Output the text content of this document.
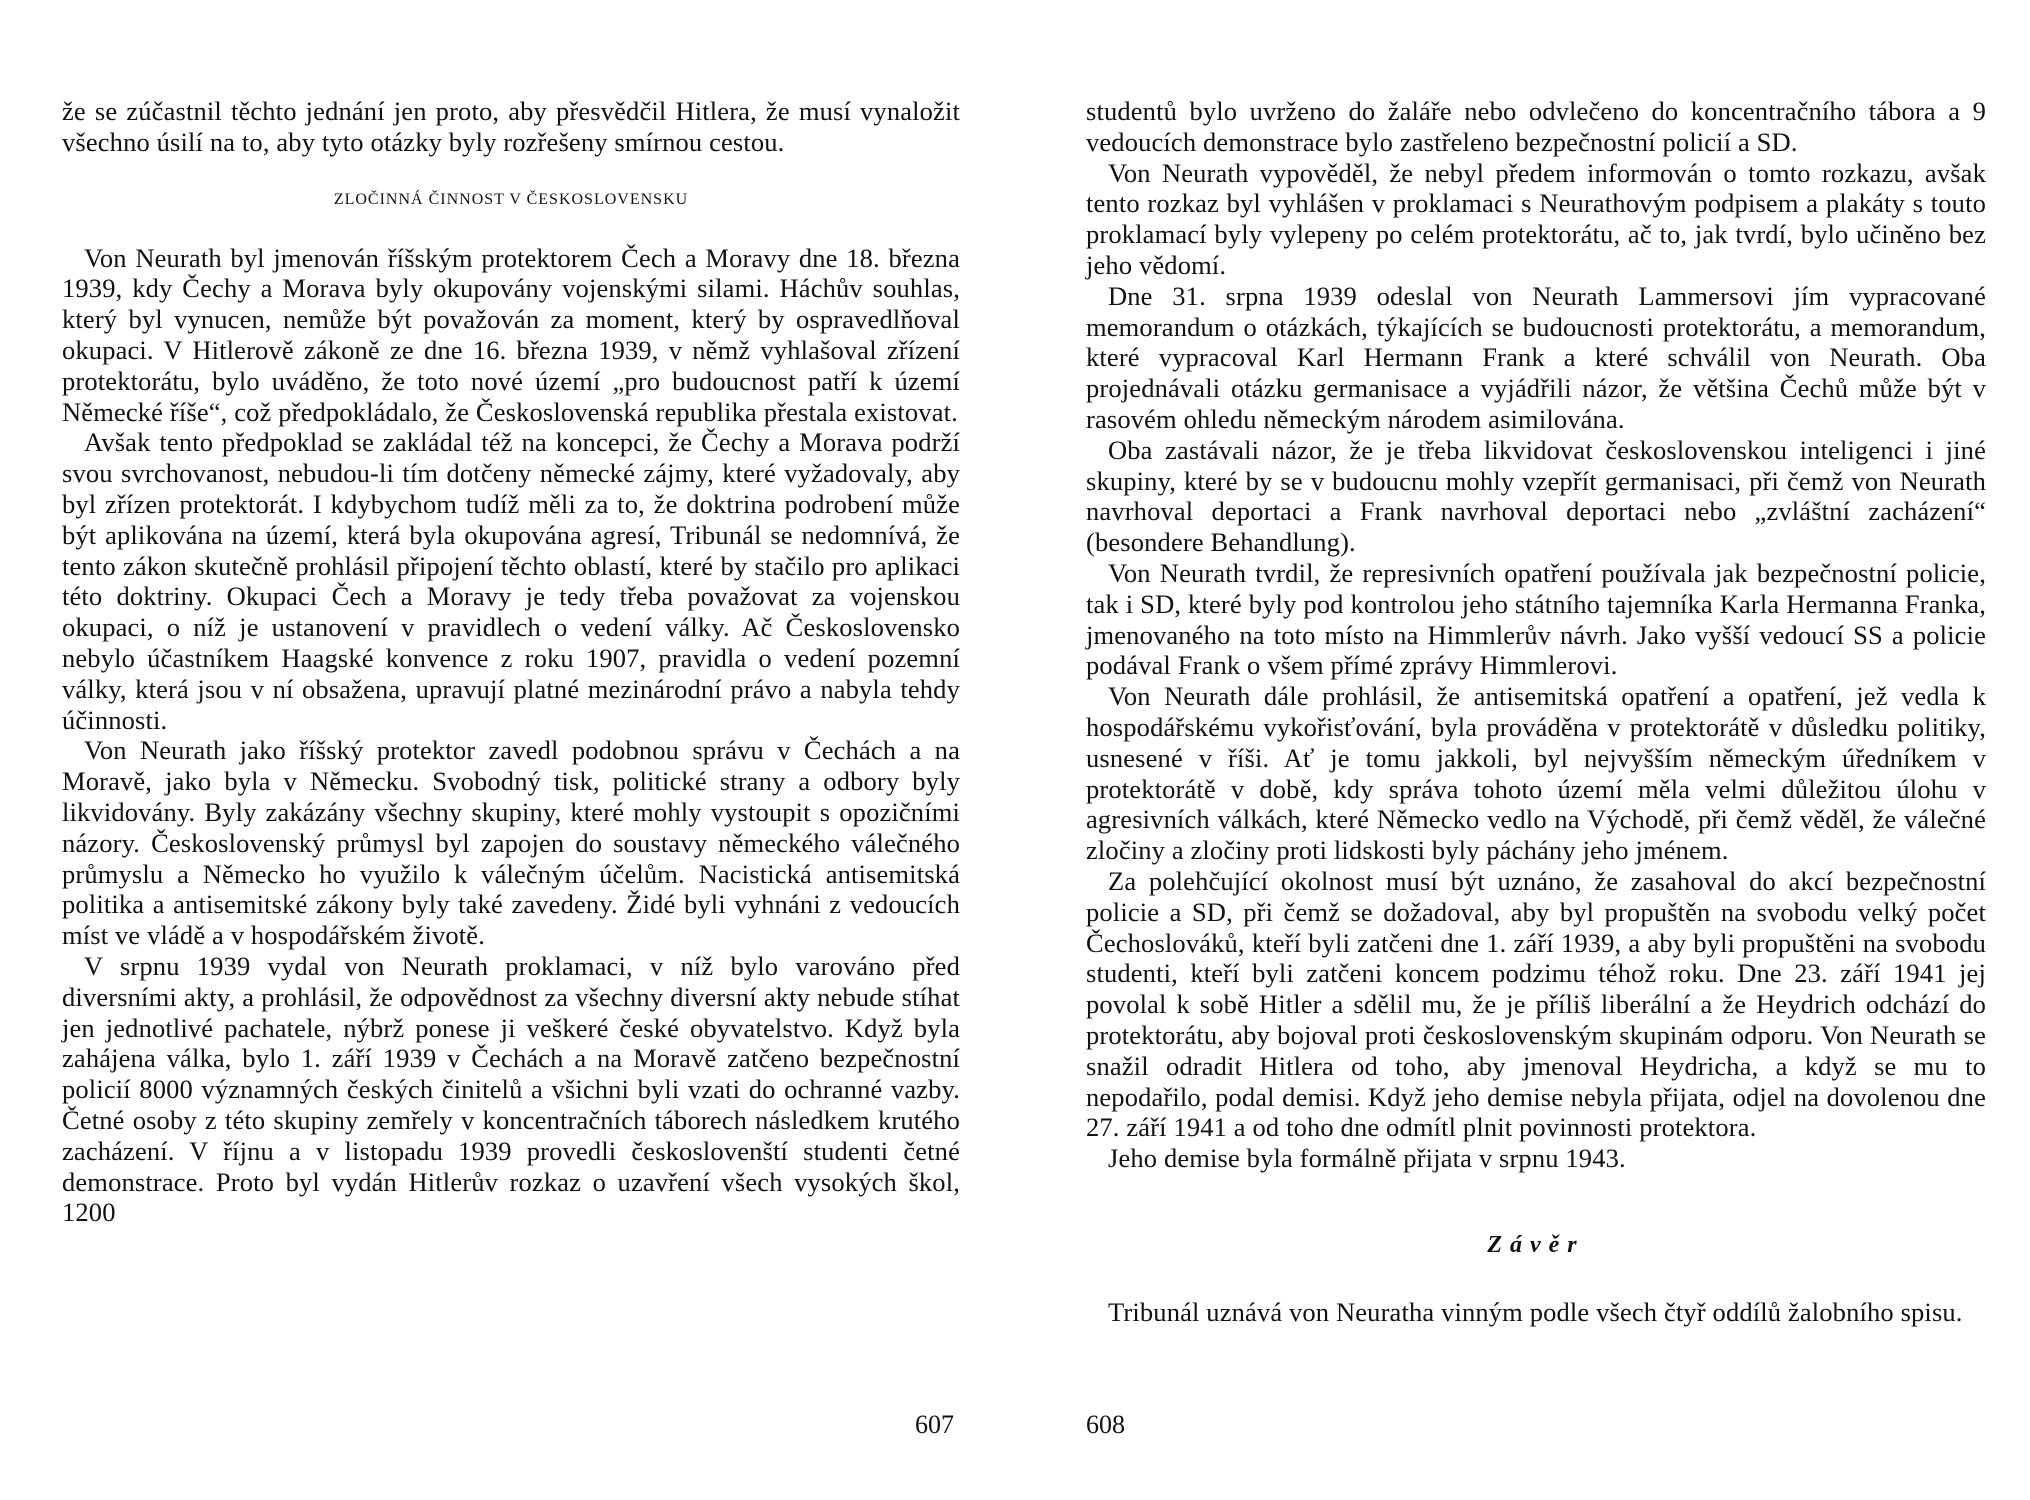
že se zúčastnil těchto jednání jen proto, aby přesvědčil Hitlera, že musí vynaložit všechno úsilí na to, aby tyto otázky byly rozřešeny smírnou cestou.

ZLOČINNÁ ČINNOST V ČESKOSLOVENSKU

Von Neurath byl jmenován říšským protektorem Čech a Moravy dne 18. března 1939, kdy Čechy a Morava byly okupovány vojenskými silami. Háchův souhlas, který byl vynucen, nemůže být považován za moment, který by ospravedlňoval okupaci. V Hitlerově zákoně ze dne 16. března 1939, v němž vyhlašoval zřízení protektorátu, bylo uváděno, že toto nové území „pro budoucnost patří k území Německé říše“, což předpokládalo, že Československá republika přestala existovat.

Avšak tento předpoklad se zakládal též na koncepci, že Čechy a Morava podrží svou svrchovanost, nebudou-li tím dotčeny německé zájmy, které vyžadovaly, aby byl zřízen protektorát. I kdybychom tudíž měli za to, že doktrina podrobení může být aplikována na území, která byla okupována agresí, Tribunál se nedomnívá, že tento zákon skutečně prohlásil připojení těchto oblastí, které by stačilo pro aplikaci této doktriny. Okupaci Čech a Moravy je tedy třeba považovat za vojenskou okupaci, o níž je ustanovení v pravidlech o vedení války. Ač Československo nebylo účastníkem Haagské konvence z roku 1907, pravidla o vedení pozemní války, která jsou v ní obsažena, upravují platné mezinárodní právo a nabyla tehdy účinnosti.

Von Neurath jako říšský protektor zavedl podobnou správu v Čechách a na Moravě, jako byla v Německu. Svobodný tisk, politické strany a odbory byly likvidovány. Byly zakázány všechny skupiny, které mohly vystoupit s opozičními názory. Československý průmysl byl zapojen do soustavy německého válečného průmyslu a Německo ho využilo k válečným účelům. Nacistická antisemitská politika a antisemitské zákony byly také zavedeny. Židé byli vyhnáni z vedoucích míst ve vládě a v hospodářském životě.

V srpnu 1939 vydal von Neurath proklamaci, v níž bylo varováno před diversními akty, a prohlásil, že odpovědnost za všechny diversní akty nebude stíhat jen jednotlivé pachatele, nýbrž ponese ji veškeré české obyvatelstvo. Když byla zahájena válka, bylo 1. září 1939 v Čechách a na Moravě zatčeno bezpečnostní policií 8000 významných českých činitelů a všichni byli vzati do ochranné vazby. Četné osoby z této skupiny zemřely v koncentračních táborech následkem krutého zacházení. V říjnu a v listopadu 1939 provedli českoslovenští studenti četné demonstrace. Proto byl vydán Hitlerův rozkaz o uzavření všech vysokých škol, 1200

607

studentů bylo uvrženo do žaláře nebo odvlečeno do koncentračního tábora a 9 vedoucích demonstrace bylo zastřeleno bezpečnostní policií a SD.

Von Neurath vypověděl, že nebyl předem informován o tomto rozkazu, avšak tento rozkaz byl vyhlášen v proklamaci s Neurathovým podpisem a plakáty s touto proklamací byly vylepeny po celém protektorátu, ač to, jak tvrdí, bylo učiněno bez jeho vědomí.

Dne 31. srpna 1939 odeslal von Neurath Lammersovi jím vypracované memorandum o otázkách, týkajících se budoucnosti protektorátu, a memorandum, které vypracoval Karl Hermann Frank a které schválil von Neurath. Oba projednávali otázku germanisace a vyjádřili názor, že většina Čechů může být v rasovém ohledu německým národem asimilována.

Oba zastávali názor, že je třeba likvidovat československou inteligenci i jiné skupiny, které by se v budoucnu mohly vzepřít germanisaci, při čemž von Neurath navrhoval deportaci a Frank navrhoval deportaci nebo „zvláštní zacházení“ (besondere Behandlung).

Von Neurath tvrdil, že represivních opatření používala jak bezpečnostní policie, tak i SD, které byly pod kontrolou jeho státního tajemníka Karla Hermanna Franka, jmenovaného na toto místo na Himmlerův návrh. Jako vyšší vedoucí SS a policie podával Frank o všem přímé zprávy Himmlerovi.

Von Neurath dále prohlásil, že antisemitská opatření a opatření, jež vedla k hospodářskému vykořisťování, byla prováděna v protektorátě v důsledku politiky, usnesené v říši. Ať je tomu jakkoli, byl nejvyšším německým úředníkem v protektorátě v době, kdy správa tohoto území měla velmi důležitou úlohu v agresivních válkách, které Německo vedlo na Východě, při čemž věděl, že válečné zločiny a zločiny proti lidskosti byly páchány jeho jménem.

Za polehčující okolnost musí být uznáno, že zasahoval do akcí bezpečnostní policie a SD, při čemž se dožadoval, aby byl propuštěn na svobodu velký počet Čechoslováků, kteří byli zatčeni dne 1. září 1939, a aby byli propuštěni na svobodu studenti, kteří byli zatčeni koncem podzimu téhož roku. Dne 23. září 1941 jej povolal k sobě Hitler a sdělil mu, že je příliš liberální a že Heydrich odchází do protektorátu, aby bojoval proti československým skupinám odporu. Von Neurath se snažil odradit Hitlera od toho, aby jmenoval Heydricha, a když se mu to nepodařilo, podal demisi. Když jeho demise nebyla přijata, odjel na dovolenou dne 27. září 1941 a od toho dne odmítl plnit povinnosti protektora.

Jeho demise byla formálně přijata v srpnu 1943.

Závěr

Tribunál uznává von Neuratha vinným podle všech čtyř oddílů žalobního spisu.

608
